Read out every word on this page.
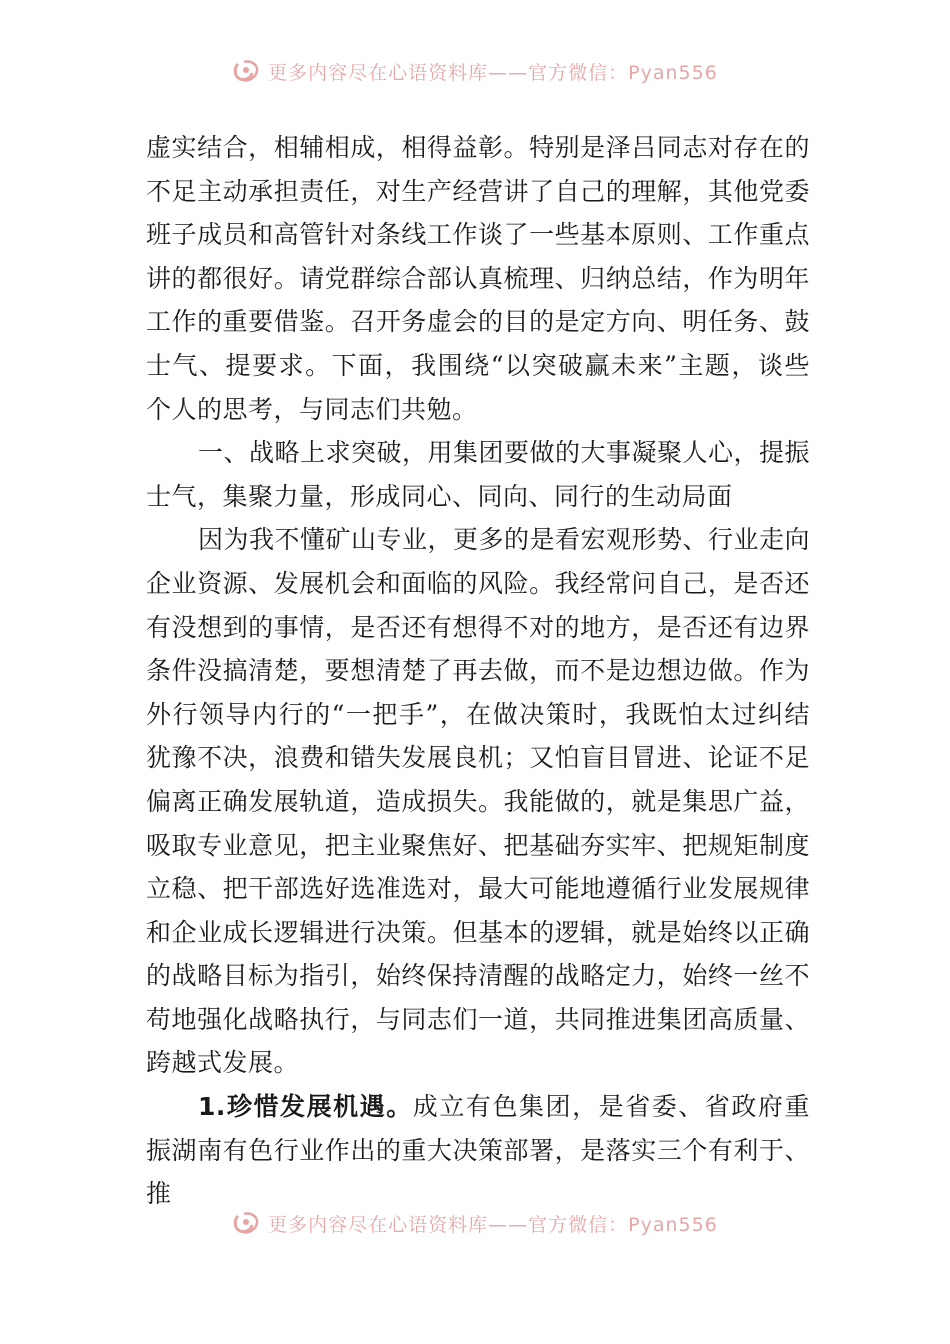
更多内容尽在心语资料库——官方微信：Pyan556

虚实结合，相辅相成，相得益彰。特别是泽吕同志对存在的不足主动承担责任，对生产经营讲了自己的理解，其他党委班子成员和高管针对条线工作谈了一些基本原则、工作重点讲的都很好。请党群综合部认真梳理、归纳总结，作为明年工作的重要借鉴。召开务虚会的目的是定方向、明任务、鼓士气、提要求。下面，我围绕“以突破赢未来”主题，谈些个人的思考，与同志们共勉。

一、战略上求突破，用集团要做的大事凝聚人心，提振士气，集聚力量，形成同心、同向、同行的生动局面

因为我不懂矿山专业，更多的是看宏观形势、行业走向企业资源、发展机会和面临的风险。我经常问自己，是否还有没想到的事情，是否还有想得不对的地方，是否还有边界条件没搞清楚，要想清楚了再去做，而不是边想边做。作为外行领导内行的“一把手”，在做决策时，我既怕太过纠结犹豫不决，浪费和错失发展良机；又怕盲目冒进、论证不足偏离正确发展轨道，造成损失。我能做的，就是集思广益，吸取专业意见，把主业聚焦好、把基础夯实牢、把规矩制度立稳、把干部选好选准选对，最大可能地遵循行业发展规律和企业成长逻辑进行决策。但基本的逻辑，就是始终以正确的战略目标为指引，始终保持清醒的战略定力，始终一丝不苟地强化战略执行，与同志们一道，共同推进集团高质量、跨越式发展。

1.珍惜发展机遇。成立有色集团，是省委、省政府重振湖南有色行业作出的重大决策部署，是落实三个有利于、推

更多内容尽在心语资料库——官方微信：Pyan556
